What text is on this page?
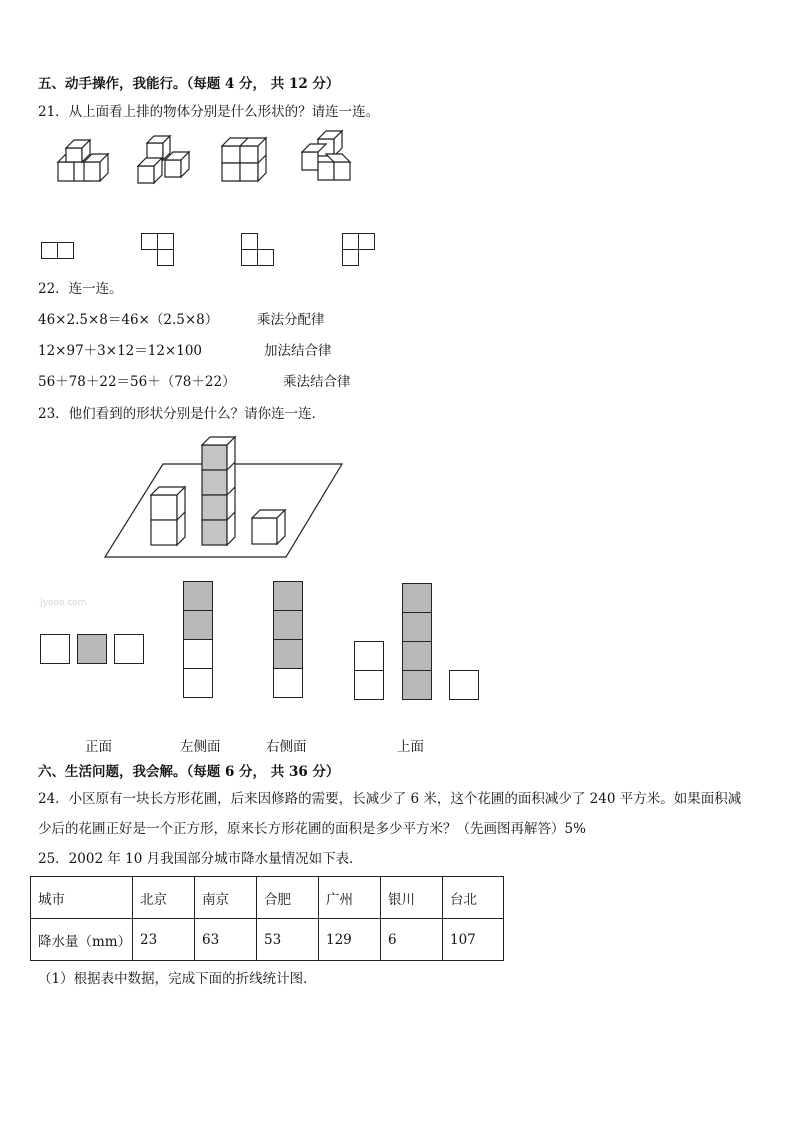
五、动手操作，我能行。（每题 4 分， 共 12 分）
21．从上面看上排的物体分别是什么形状的？请连一连。
22．连一连。
46×2.5×8＝46×（2.5×8）	乘法分配律
12×97＋3×12＝12×100	加法结合律
56＋78＋22＝56＋（78＋22）	乘法结合律
23．他们看到的形状分别是什么？请你连一连．
Jyeoo.com
正面	左侧面	右侧面	上面
六、生活问题，我会解。（每题 6 分， 共 36 分）
24．小区原有一块长方形花圃，后来因修路的需要，长减少了 6 米，这个花圃的面积减少了 240 平方米。如果面积减
少后的花圃正好是一个正方形，原来长方形花圃的面积是多少平方米？（先画图再解答）5%
25．2002 年 10 月我国部分城市降水量情况如下表．
城市	北京	南京	合肥	广州	银川	台北
降水量（mm）	23	63	53	129	6	107
（1）根据表中数据，完成下面的折线统计图．
